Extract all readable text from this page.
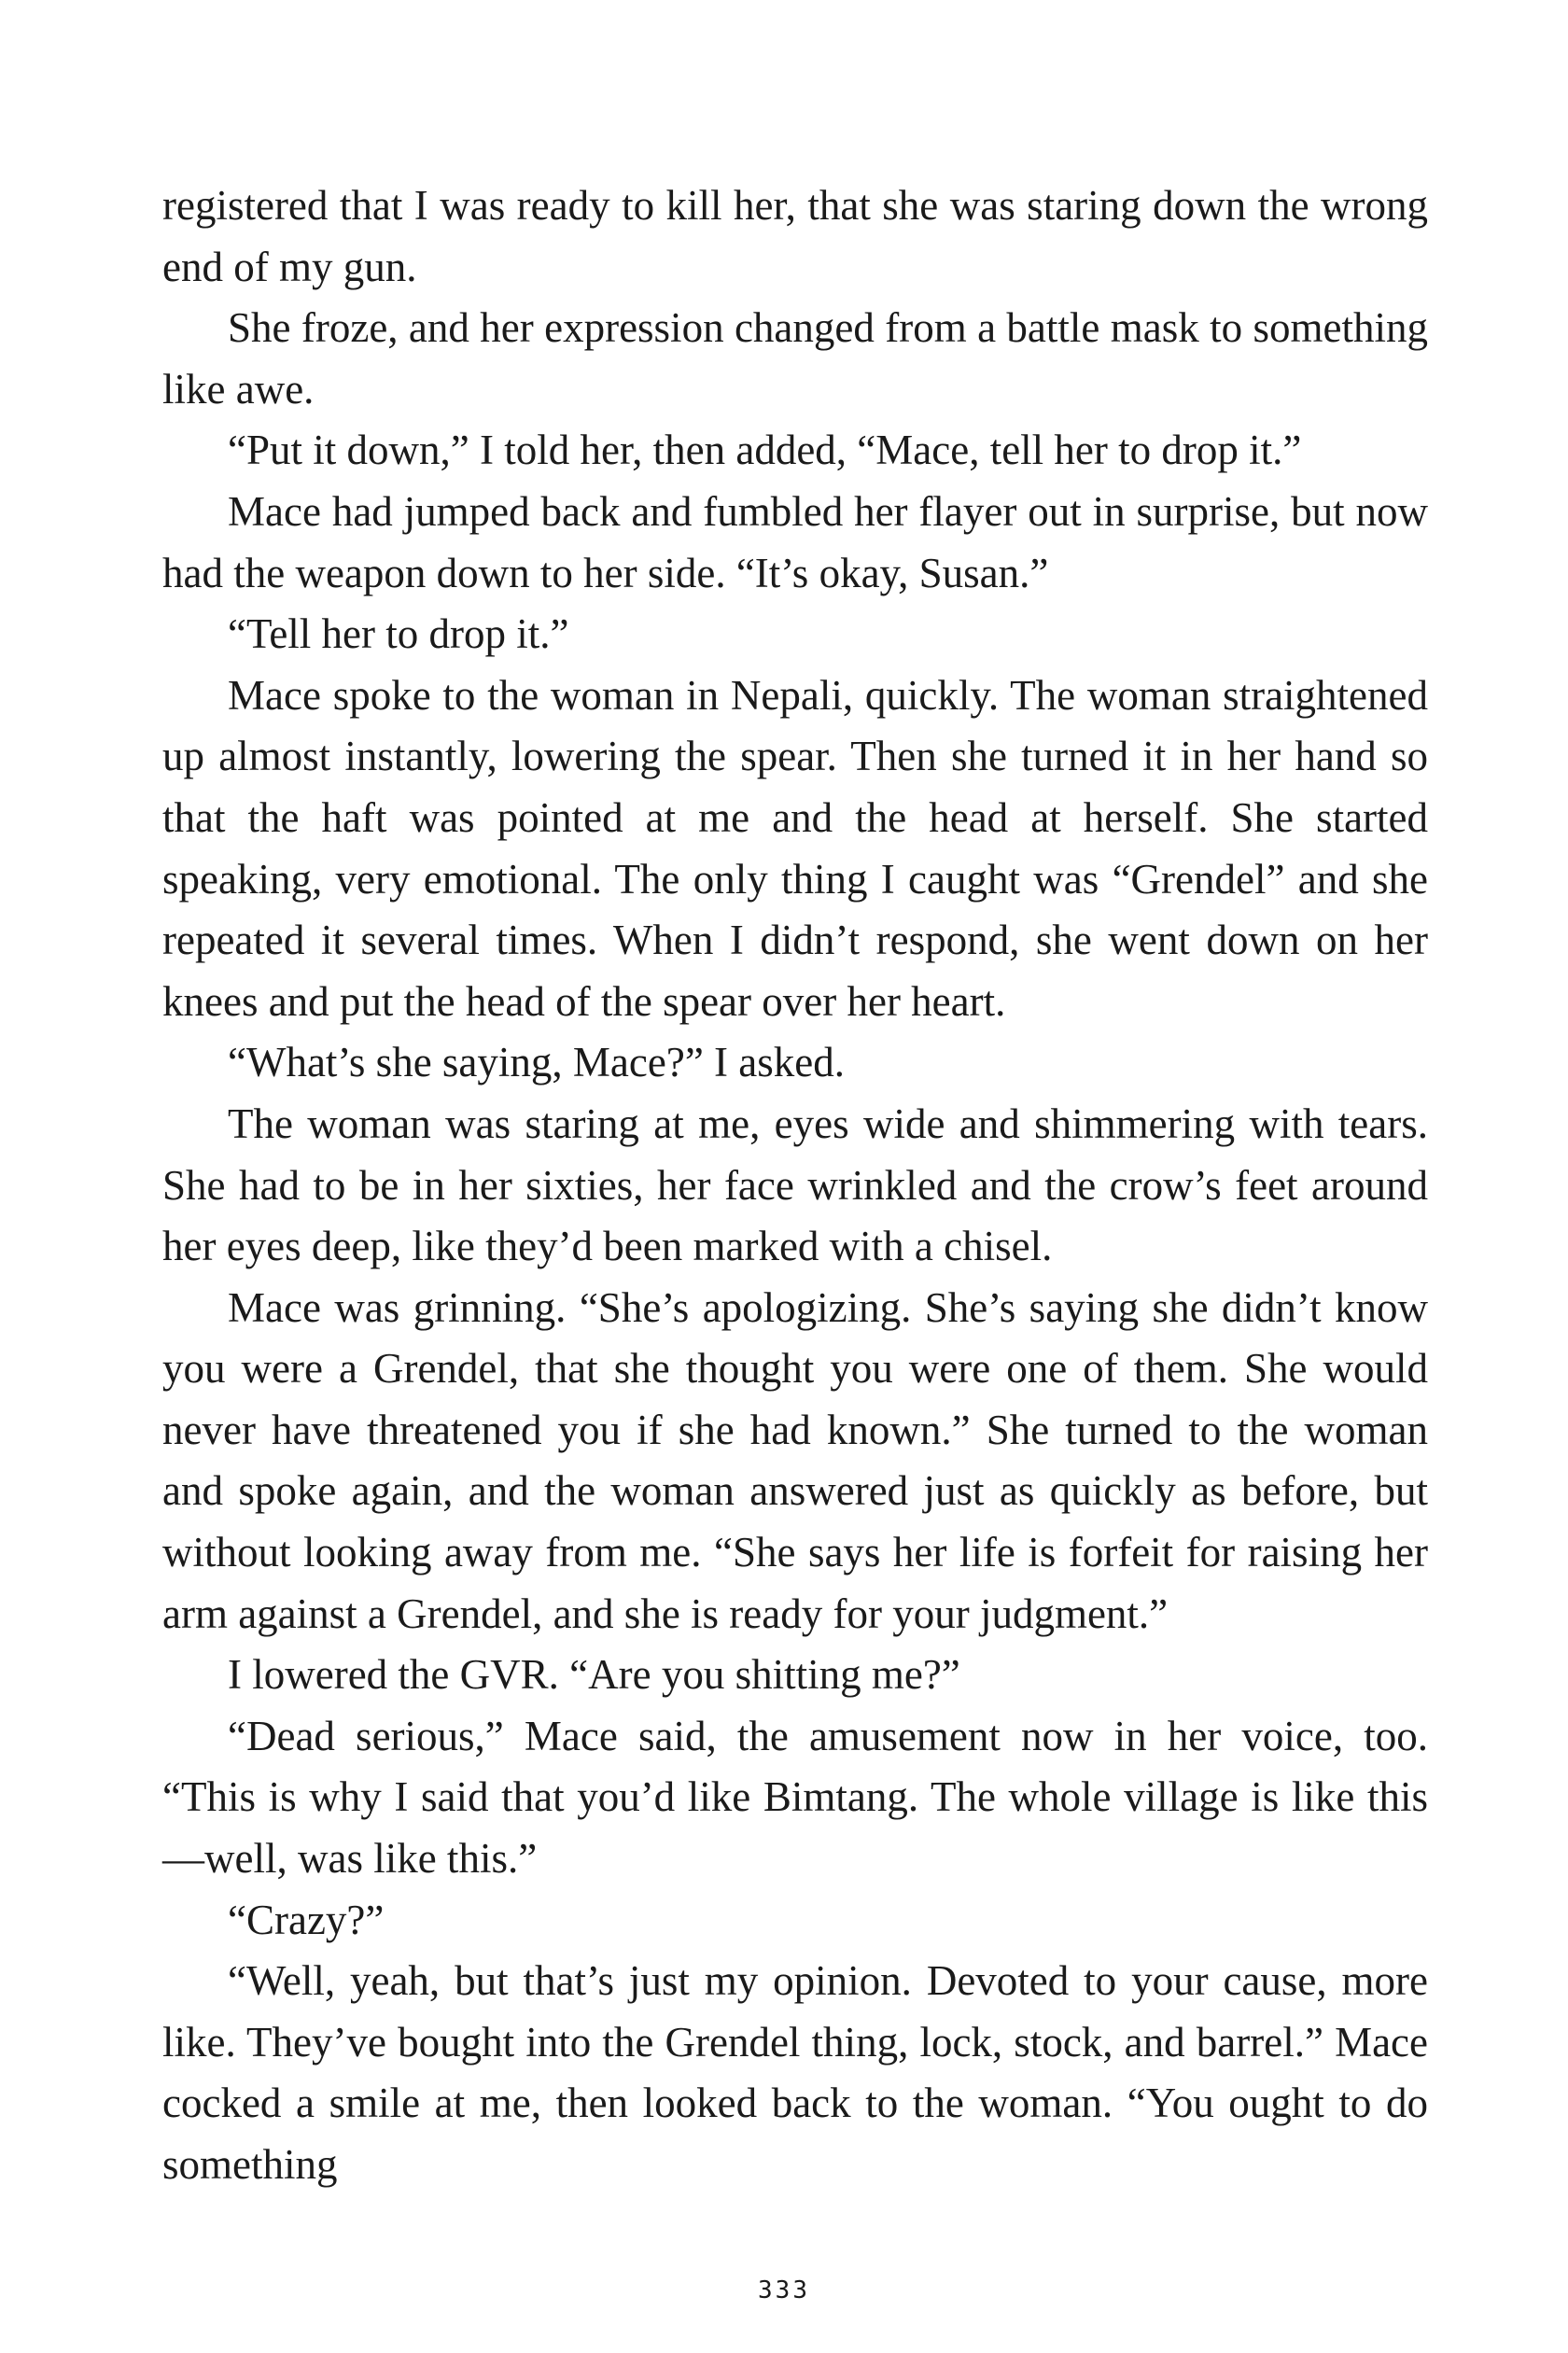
registered that I was ready to kill her, that she was staring down the wrong end of my gun.

She froze, and her expression changed from a battle mask to something like awe.

“Put it down,” I told her, then added, “Mace, tell her to drop it.”

Mace had jumped back and fumbled her flayer out in surprise, but now had the weapon down to her side. “It’s okay, Susan.”

“Tell her to drop it.”

Mace spoke to the woman in Nepali, quickly. The woman straightened up almost instantly, lowering the spear. Then she turned it in her hand so that the haft was pointed at me and the head at herself. She started speaking, very emotional. The only thing I caught was “Grendel” and she repeated it several times. When I didn’t respond, she went down on her knees and put the head of the spear over her heart.

“What’s she saying, Mace?” I asked.

The woman was staring at me, eyes wide and shimmering with tears. She had to be in her sixties, her face wrinkled and the crow’s feet around her eyes deep, like they’d been marked with a chisel.

Mace was grinning. “She’s apologizing. She’s saying she didn’t know you were a Grendel, that she thought you were one of them. She would never have threatened you if she had known.” She turned to the woman and spoke again, and the woman answered just as quickly as before, but without looking away from me. “She says her life is forfeit for raising her arm against a Grendel, and she is ready for your judgment.”

I lowered the GVR. “Are you shitting me?”

“Dead serious,” Mace said, the amusement now in her voice, too. “This is why I said that you’d like Bimtang. The whole village is like this—well, was like this.”

“Crazy?”

“Well, yeah, but that’s just my opinion. Devoted to your cause, more like. They’ve bought into the Grendel thing, lock, stock, and barrel.” Mace cocked a smile at me, then looked back to the woman. “You ought to do something

333
